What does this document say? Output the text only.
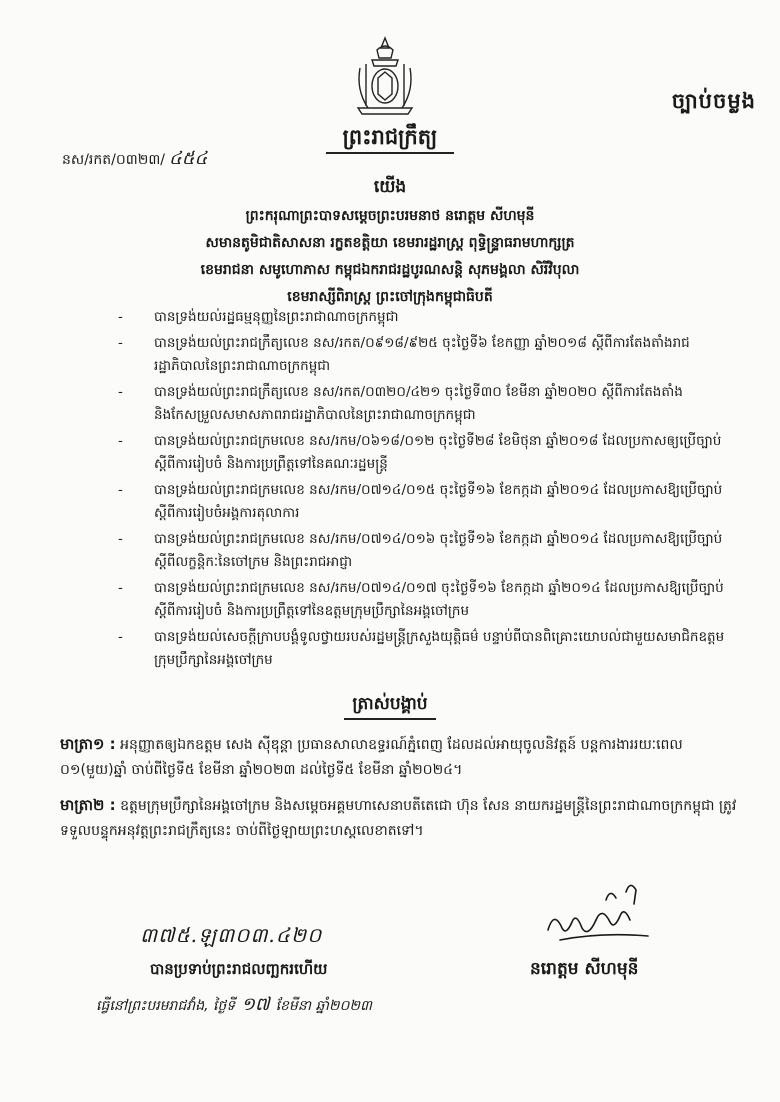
ច្បាប់ចម្លង
ព្រះរាជក្រឹត្យ
នស/រកត/០៣២៣/ ៤៥៤
យើង
ព្រះករុណាព្រះបាទសម្តេចព្រះបរមនាថ នរោត្តម សីហមុនី
សមានតូមិជាតិសាសនា រក្ខតខត្តិយា ខេមរារដ្ឋរាស្ត្រ ពុទ្ធិន្ទ្រាធរាមហាក្សត្រ
ខេមរាជនា សមូហោភាស កម្ពុជឯករាជរដ្ឋបូរណសន្តិ សុភមង្គលា សិរីវិបុលា
ខេមរាស្សីពិរាស្ត្រ ព្រះចៅក្រុងកម្ពុជាធិបតី
- បានទ្រង់យល់រដ្ឋធម្មនុញ្ញនៃព្រះរាជាណាចក្រកម្ពុជា
- បានទ្រង់យល់ព្រះរាជក្រឹត្យលេខ នស/រកត/០៩១៨/៩២៥ ចុះថ្ងៃទី៦ ខែកញ្ញា ឆ្នាំ២០១៨ ស្តីពីការតែងតាំងរាជរដ្ឋាភិបាលនៃព្រះរាជាណាចក្រកម្ពុជា
- បានទ្រង់យល់ព្រះរាជក្រឹត្យលេខ នស/រកត/០៣២០/៤២១ ចុះថ្ងៃទី៣០ ខែមីនា ឆ្នាំ២០២០ ស្តីពីការតែងតាំង និងកែសម្រួលសមាសភាពរាជរដ្ឋាភិបាលនៃព្រះរាជាណាចក្រកម្ពុជា
- បានទ្រង់យល់ព្រះរាជក្រមលេខ នស/រកម/០៦១៨/០១២ ចុះថ្ងៃទី២៨ ខែមិថុនា ឆ្នាំ២០១៨ ដែលប្រកាសឲ្យប្រើច្បាប់ស្តីពីការរៀបចំ និងការប្រព្រឹត្តទៅនៃគណៈរដ្ឋមន្ត្រី
- បានទ្រង់យល់ព្រះរាជក្រមលេខ នស/រកម/០៧១៤/០១៥ ចុះថ្ងៃទី១៦ ខែកក្កដា ឆ្នាំ២០១៤ ដែលប្រកាសឱ្យប្រើច្បាប់ស្តីពីការរៀបចំអង្គការតុលាការ
- បានទ្រង់យល់ព្រះរាជក្រមលេខ នស/រកម/០៧១៤/០១៦ ចុះថ្ងៃទី១៦ ខែកក្កដា ឆ្នាំ២០១៤ ដែលប្រកាសឱ្យប្រើច្បាប់ស្តីពីលក្ខន្តិកៈនៃចៅក្រម និងព្រះរាជអាជ្ញា
- បានទ្រង់យល់ព្រះរាជក្រមលេខ នស/រកម/០៧១៤/០១៧ ចុះថ្ងៃទី១៦ ខែកក្កដា ឆ្នាំ២០១៤ ដែលប្រកាសឱ្យប្រើច្បាប់ស្តីពីការរៀបចំ និងការប្រព្រឹត្តទៅនៃឧត្តមក្រុមប្រឹក្សានៃអង្គចៅក្រម
- បានទ្រង់យល់សេចក្តីក្រាបបង្គំទូលថ្វាយរបស់រដ្ឋមន្ត្រីក្រសួងយុត្តិធម៌ បន្ទាប់ពីបានពិគ្រោះយោបល់ជាមួយសមាជិកឧត្តមក្រុមប្រឹក្សានៃអង្គចៅក្រម
ត្រាស់បង្គាប់
មាត្រា១ : អនុញ្ញាតឲ្យឯកឧត្តម សេង ស៊ីឌុន្តា ប្រធានសាលាឧទ្ធរណ៍ភ្នំពេញ ដែលដល់អាយុចូលនិវត្តន៍ បន្តការងាររយៈពេល ០១(មួយ)ឆ្នាំ ចាប់ពីថ្ងៃទី៥ ខែមីនា ឆ្នាំ២០២៣ ដល់ថ្ងៃទី៥ ខែមីនា ឆ្នាំ២០២៤។
មាត្រា២ : ឧត្តមក្រុមប្រឹក្សានៃអង្គចៅក្រម និងសម្តេចអគ្គមហាសេនាបតីតេជោ ហ៊ុន សែន នាយករដ្ឋមន្ត្រីនៃព្រះរាជាណាចក្រកម្ពុជា ត្រូវទទួលបន្ទុកអនុវត្តព្រះរាជក្រឹត្យនេះ ចាប់ពីថ្ងៃឡាយព្រះហស្តលេខាតទៅ។
នរោត្តម សីហមុនី
៣៧៥.ឡ៣០៣.៤២០
បានប្រទាប់ព្រះរាជលញ្ឆករហើយ
ធ្វើនៅព្រះបរមរាជវាំង, ថ្ងៃទី ១៧ ខែមីនា ឆ្នាំ២០២៣
